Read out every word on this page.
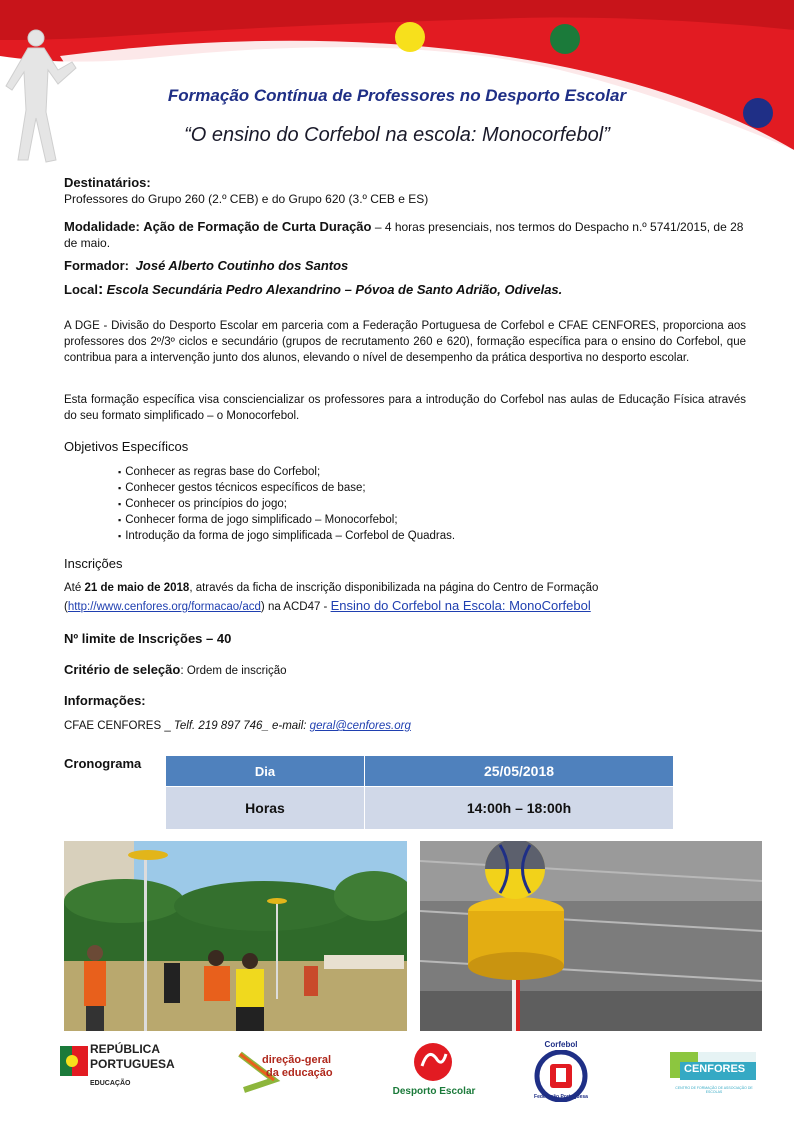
Formação Contínua de Professores no Desporto Escolar
“O ensino do Corfebol na escola: Monocorfebol”
Destinatários:
Professores do Grupo 260 (2.º CEB) e do Grupo 620 (3.º CEB e ES)
Modalidade: Ação de Formação de Curta Duração – 4 horas presenciais, nos termos do Despacho n.º 5741/2015, de 28 de maio.
Formador: José Alberto Coutinho dos Santos
Local: Escola Secundária Pedro Alexandrino – Póvoa de Santo Adrião, Odivelas.
A DGE - Divisão do Desporto Escolar em parceria com a Federação Portuguesa de Corfebol e CFAE CENFORES, proporciona aos professores dos 2º/3º ciclos e secundário (grupos de recrutamento 260 e 620), formação específica para o ensino do Corfebol, que contribua para a intervenção junto dos alunos, elevando o nível de desempenho da prática desportiva no desporto escolar.
Esta formação específica visa consciencializar os professores para a introdução do Corfebol nas aulas de Educação Física através do seu formato simplificado – o Monocorfebol.
Objetivos Específicos
▪ Conhecer as regras base do Corfebol;
▪ Conhecer gestos técnicos específicos de base;
▪ Conhecer os princípios do jogo;
▪ Conhecer forma de jogo simplificado – Monocorfebol;
▪ Introdução da forma de jogo simplificada – Corfebol de Quadras.
Inscrições
Até 21 de maio de 2018, através da ficha de inscrição disponibilizada na página do Centro de Formação
(http://www.cenfores.org/formacao/acd) na ACD47 - Ensino do Corfebol na Escola: MonoCorfebol
Nº limite de Inscrições – 40
Critério de seleção: Ordem de inscrição
Informações:
CFAE CENFORES _ Telf. 219 897 746_ e-mail: geral@cenfores.org
Cronograma	Dia	25/05/2018
Horas	14:00h – 18:00h
REPÚBLICA
PORTUGUESA
EDUCAÇÃO
direção-geral
da educação
Desporto Escolar
Corfebol
Federação Portuguesa
CENFORES
CENTRO DE FORMAÇÃO DE ASSOCIAÇÃO DE ESCOLAS
